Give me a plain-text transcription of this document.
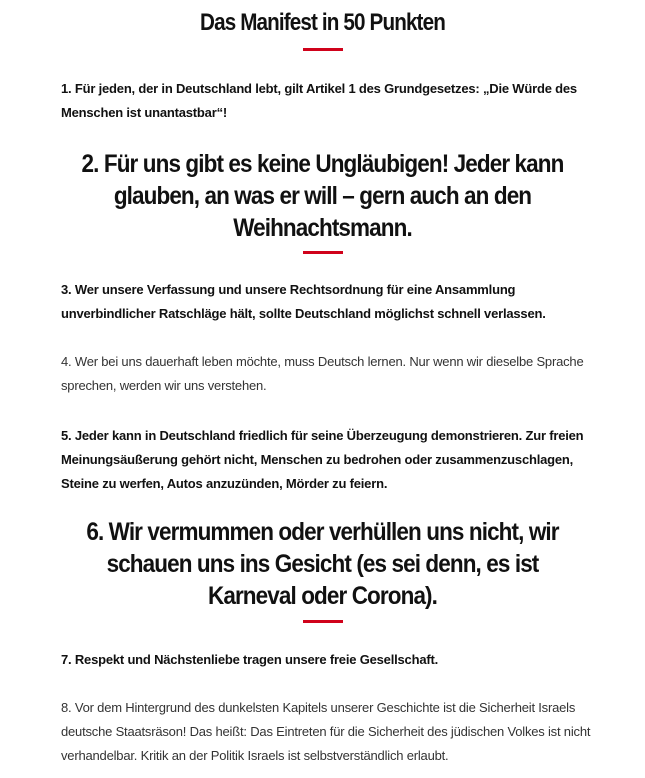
Das Manifest in 50 Punkten

1. Für jeden, der in Deutschland lebt, gilt Artikel 1 des Grundgesetzes: „Die Würde des Menschen ist unantastbar“!

2. Für uns gibt es keine Ungläubigen! Jeder kann glauben, an was er will – gern auch an den Weihnachtsmann.

3. Wer unsere Verfassung und unsere Rechtsordnung für eine Ansammlung unverbindlicher Ratschläge hält, sollte Deutschland möglichst schnell verlassen.

4. Wer bei uns dauerhaft leben möchte, muss Deutsch lernen. Nur wenn wir dieselbe Sprache sprechen, werden wir uns verstehen.

5. Jeder kann in Deutschland friedlich für seine Überzeugung demonstrieren. Zur freien Meinungsäußerung gehört nicht, Menschen zu bedrohen oder zusammenzuschlagen, Steine zu werfen, Autos anzuzünden, Mörder zu feiern.

6. Wir vermummen oder verhüllen uns nicht, wir schauen uns ins Gesicht (es sei denn, es ist Karneval oder Corona).

7. Respekt und Nächstenliebe tragen unsere freie Gesellschaft.

8. Vor dem Hintergrund des dunkelsten Kapitels unserer Geschichte ist die Sicherheit Israels deutsche Staatsräson! Das heißt: Das Eintreten für die Sicherheit des jüdischen Volkes ist nicht verhandelbar. Kritik an der Politik Israels ist selbstverständlich erlaubt.
